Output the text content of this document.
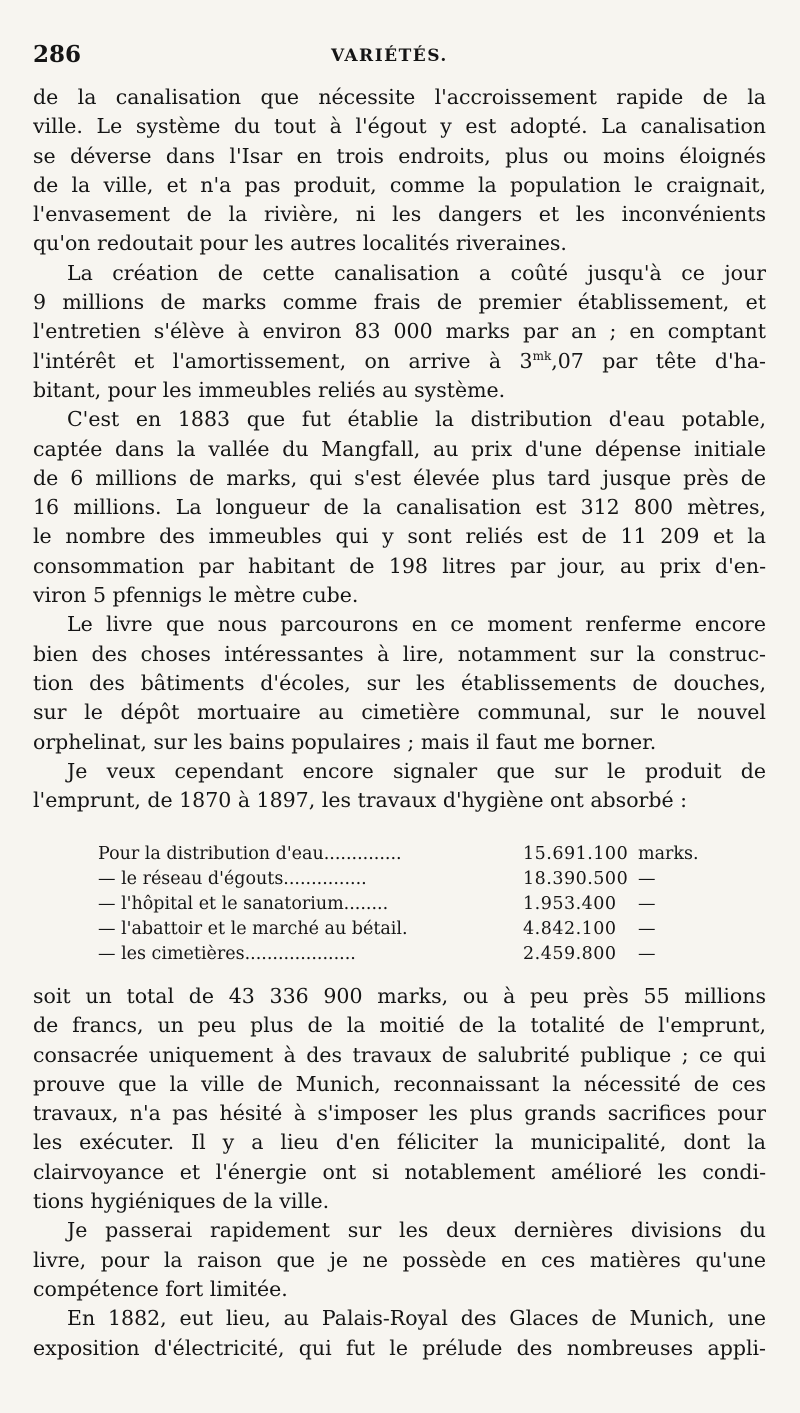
286	VARIÉTÉS.
de la canalisation que nécessite l'accroissement rapide de la
ville. Le système du tout à l'égout y est adopté. La canalisation
se déverse dans l'Isar en trois endroits, plus ou moins éloignés
de la ville, et n'a pas produit, comme la population le craignait,
l'envasement de la rivière, ni les dangers et les inconvénients
qu'on redoutait pour les autres localités riveraines.
La création de cette canalisation a coûté jusqu'à ce jour
9 millions de marks comme frais de premier établissement, et
l'entretien s'élève à environ 83 000 marks par an ; en comptant
l'intérêt et l'amortissement, on arrive à $3^{mk},07$ par tête d'ha-
bitant, pour les immeubles reliés au système.
C'est en 1883 que fut établie la distribution d'eau potable,
captée dans la vallée du Mangfall, au prix d'une dépense initiale
de 6 millions de marks, qui s'est élevée plus tard jusque près de
16 millions. La longueur de la canalisation est 312 800 mètres,
le nombre des immeubles qui y sont reliés est de 11 209 et la
consommation par habitant de 198 litres par jour, au prix d'en-
viron 5 pfennigs le mètre cube.
Le livre que nous parcourons en ce moment renferme encore
bien des choses intéressantes à lire, notamment sur la construc-
tion des bâtiments d'écoles, sur les établissements de douches,
sur le dépôt mortuaire au cimetière communal, sur le nouvel
orphelinat, sur les bains populaires ; mais il faut me borner.
Je veux cependant encore signaler que sur le produit de
l'emprunt, de 1870 à 1897, les travaux d'hygiène ont absorbé :
Pour la distribution d'eau..............	15.691.100 marks.
— le réseau d'égouts...............	18.390.500 —
— l'hôpital et le sanatorium........	1.953.400 —
— l'abattoir et le marché au bétail.	4.842.100 —
— les cimetières....................	2.459.800 —
soit un total de 43 336 900 marks, ou à peu près 55 millions
de francs, un peu plus de la moitié de la totalité de l'emprunt,
consacrée uniquement à des travaux de salubrité publique ; ce qui
prouve que la ville de Munich, reconnaissant la nécessité de ces
travaux, n'a pas hésité à s'imposer les plus grands sacrifices pour
les exécuter. Il y a lieu d'en féliciter la municipalité, dont la
clairvoyance et l'énergie ont si notablement amélioré les condi-
tions hygiéniques de la ville.
Je passerai rapidement sur les deux dernières divisions du
livre, pour la raison que je ne possède en ces matières qu'une
compétence fort limitée.
En 1882, eut lieu, au Palais-Royal des Glaces de Munich, une
exposition d'électricité, qui fut le prélude des nombreuses appli-
